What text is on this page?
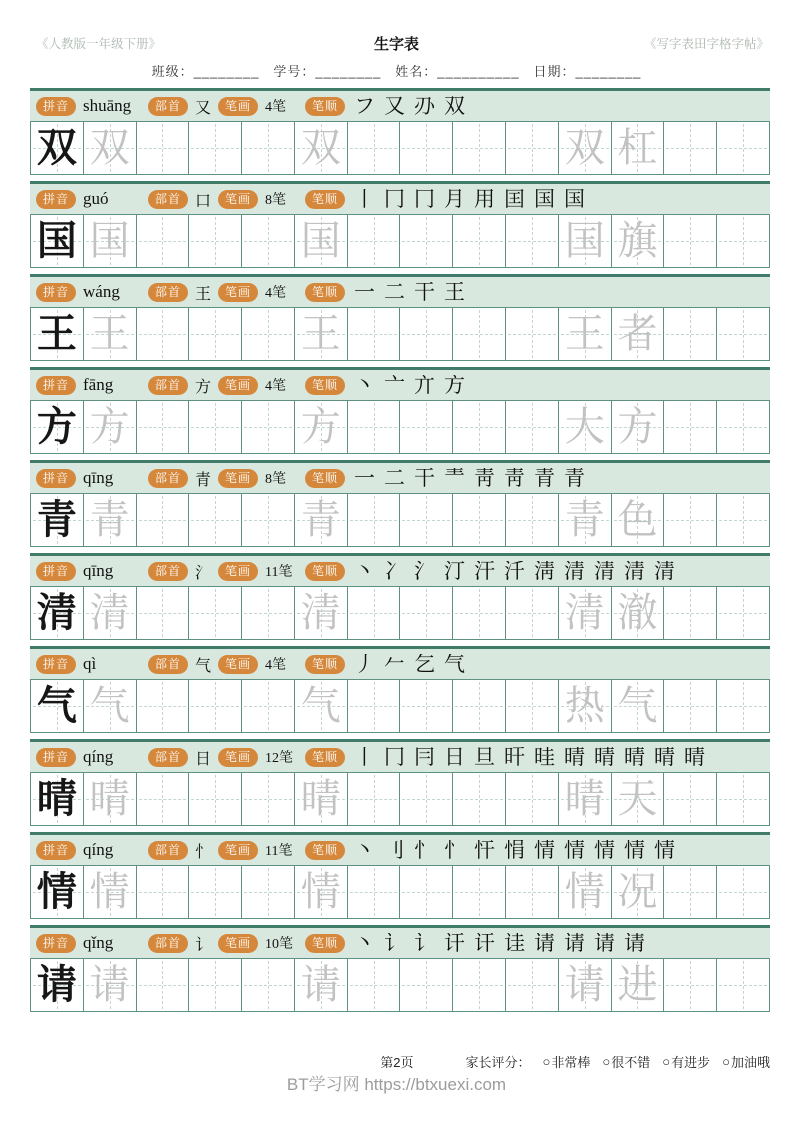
《人教版一年级下册》	生字表	《写字表田字格字帖》
班级：________　学号：________　姓名：__________　日期：________
拼音 shuāng	部首 又	笔画	4笔	笔顺 フ 又 刅 双
双 双	双	双 杠
拼音 guó	部首 口	笔画	8笔	笔顺 丨 冂 冂 月 用 囯 国 国
国 国	国	国 旗
拼音 wáng	部首 王	笔画	4笔	笔顺 一 二 干 王
王 王	王	王 者
拼音 fāng	部首 方	笔画	4笔	笔顺 丶 亠 亣 方
方 方	方	大 方
拼音 qīng	部首 青	笔画	8笔	笔顺 一 二 干 龶 靑 靑 青 青
青 青	青	青 色
拼音 qīng	部首 氵	笔画	11笔	笔顺 丶 冫 氵 汀 汗 汘 淸 清 清 清 清
清 清	清	清 澈
拼音 qì	部首 气	笔画	4笔	笔顺 丿 𠂉 乞 气
气 气	气	热 气
拼音 qíng	部首 日	笔画	12笔	笔顺 丨 冂 冃 日 旦 旰 晆 晴 晴 晴 晴 晴
晴 晴	晴	晴 天
拼音 qíng	部首 忄	笔画	11笔	笔顺 丶 刂 忄 忄 忓 悁 情 情 情 情 情
情 情	情	情 况
拼音 qǐng	部首 讠	笔画	10笔	笔顺 丶 讠 讠 讦 讦 诖 请 请 请 请
请 请	请	请 进
第2页	家长评分： ○ 非常棒 ○ 很不错 ○ 有进步 ○ 加油哦
BT学习网 https://btxuexi.com
